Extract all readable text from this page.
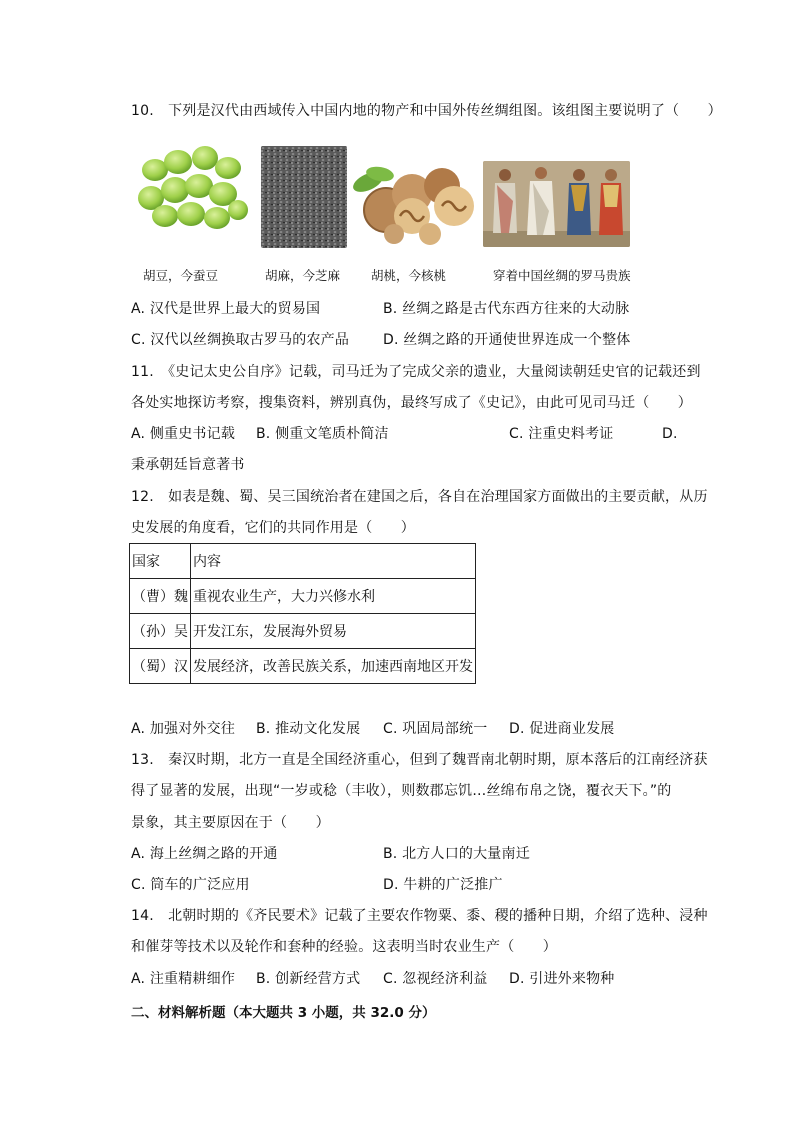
10.　下列是汉代由西域传入中国内地的物产和中国外传丝绸组图。该组图主要说明了（　　）
胡豆，今蚕豆	胡麻，今芝麻 胡桃，今核桃	穿着中国丝绸的罗马贵族
A. 汉代是世界上最大的贸易国	B. 丝绸之路是古代东西方往来的大动脉
C. 汉代以丝绸换取古罗马的农产品 D. 丝绸之路的开通使世界连成一个整体
11.　《史记太史公自序》记载，司马迁为了完成父亲的遗业，大量阅读朝廷史官的记载还到
各处实地探访考察，搜集资料，辨别真伪，最终写成了《史记》，由此可见司马迁（　　）
A. 侧重史书记载 B. 侧重文笔质朴简洁	C. 注重史料考证	D.
秉承朝廷旨意著书
12.　如表是魏、蜀、吴三国统治者在建国之后，各自在治理国家方面做出的主要贡献，从历
史发展的角度看，它们的共同作用是（　　）
国家	内容
（曹）魏	重视农业生产，大力兴修水利
（孙）吴	开发江东，发展海外贸易
（蜀）汉	发展经济，改善民族关系，加速西南地区开发
A. 加强对外交往 B. 推动文化发展 C. 巩固局部统一 D. 促进商业发展
13.　秦汉时期，北方一直是全国经济重心，但到了魏晋南北朝时期，原本落后的江南经济获
得了显著的发展，出现“一岁或稔（丰收），则数郡忘饥…丝绵布帛之饶，覆衣天下。”的
景象，其主要原因在于（　　）
A. 海上丝绸之路的开通	B. 北方人口的大量南迁
C. 筒车的广泛应用	D. 牛耕的广泛推广
14.　北朝时期的《齐民要术》记载了主要农作物粟、黍、稷的播种日期，介绍了选种、浸种
和催芽等技术以及轮作和套种的经验。这表明当时农业生产（　　）
A. 注重精耕细作 B. 创新经营方式 C. 忽视经济利益 D. 引进外来物种
二、材料解析题（本大题共 3 小题，共 32.0 分）
